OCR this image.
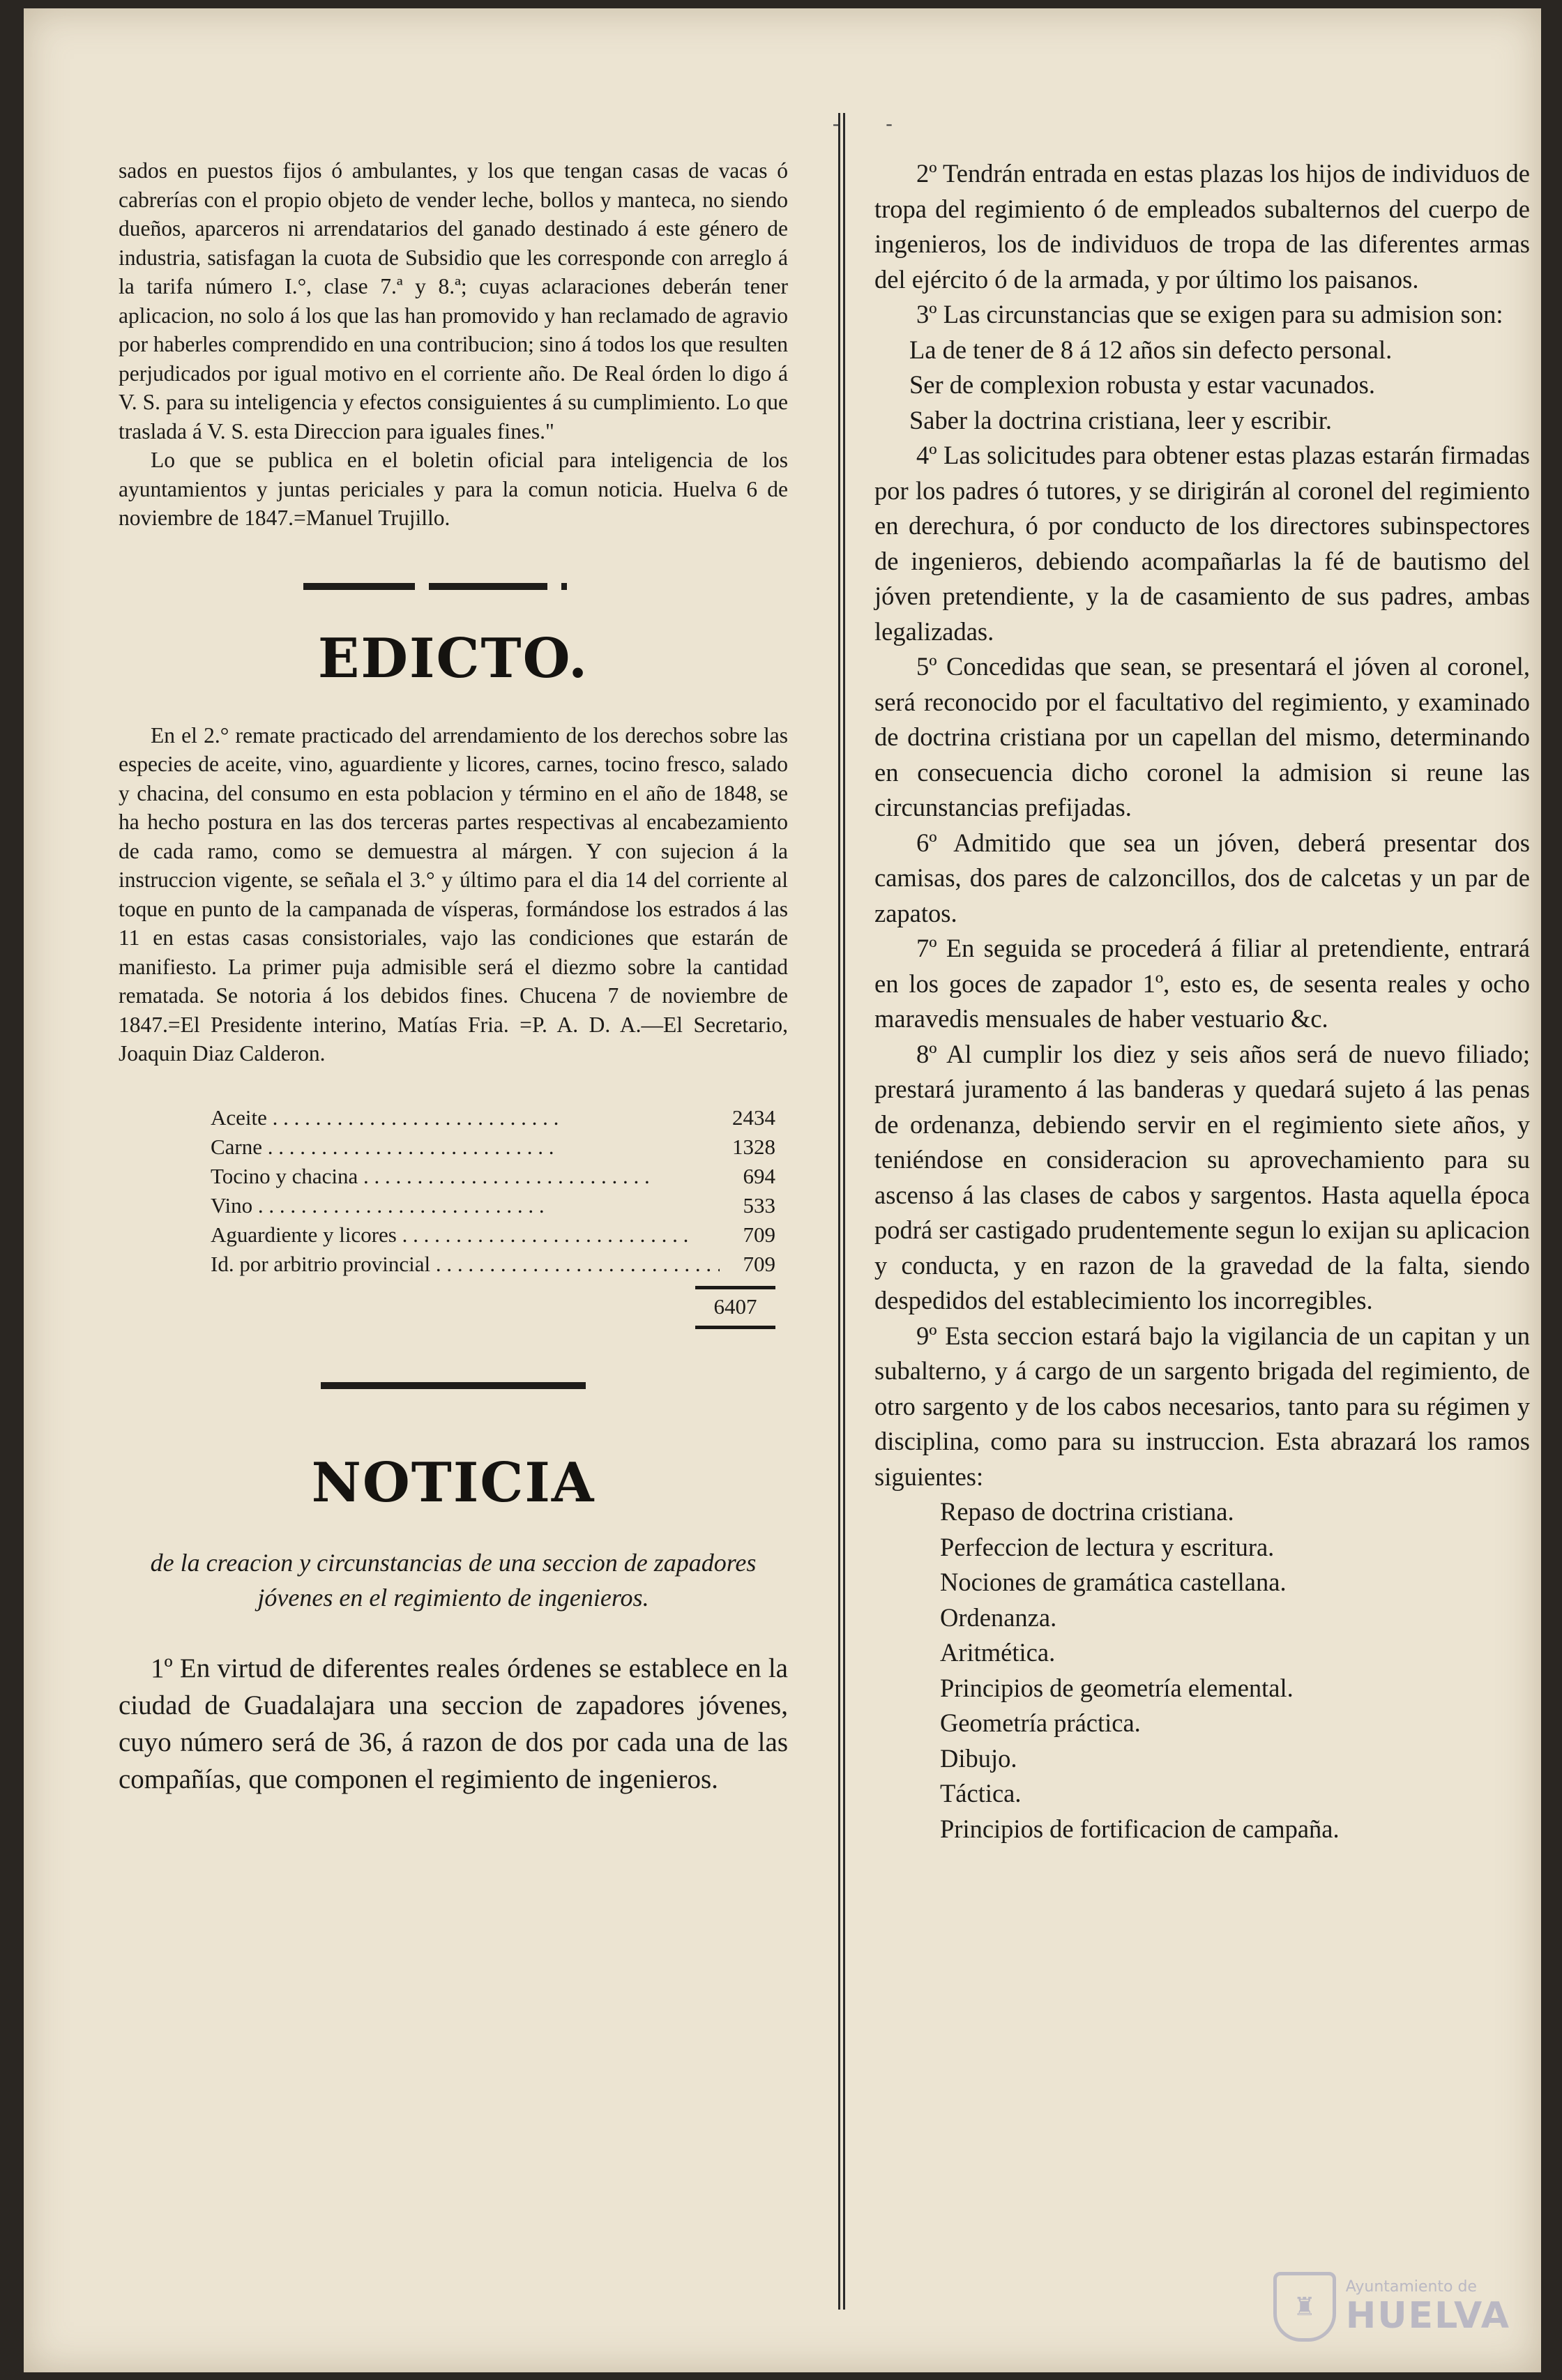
- -

sados en puestos fijos ó ambulantes, y los que tengan casas de vacas ó cabrerías con el propio objeto de vender leche, bollos y manteca, no siendo dueños, aparceros ni arrendatarios del ganado destinado á este género de industria, satisfagan la cuota de Subsidio que les corresponde con arreglo á la tarifa número I.°, clase 7.ª y 8.ª; cuyas aclaraciones deberán tener aplicacion, no solo á los que las han promovido y han reclamado de agravio por haberles comprendido en una contribucion; sino á todos los que resulten perjudicados por igual motivo en el corriente año. De Real órden lo digo á V. S. para su inteligencia y efectos consiguientes á su cumplimiento. Lo que traslada á V. S. esta Direccion para iguales fines."

Lo que se publica en el boletin oficial para inteligencia de los ayuntamientos y juntas periciales y para la comun noticia. Huelva 6 de noviembre de 1847.=Manuel Trujillo.

EDICTO.

En el 2.° remate practicado del arrendamiento de los derechos sobre las especies de aceite, vino, aguardiente y licores, carnes, tocino fresco, salado y chacina, del consumo en esta poblacion y término en el año de 1848, se ha hecho postura en las dos terceras partes respectivas al encabezamiento de cada ramo, como se demuestra al márgen. Y con sujecion á la instruccion vigente, se señala el 3.° y último para el dia 14 del corriente al toque en punto de la campanada de vísperas, formándose los estrados á las 11 en estas casas consistoriales, vajo las condiciones que estarán de manifiesto. La primer puja admisible será el diezmo sobre la cantidad rematada. Se notoria á los debidos fines. Chucena 7 de noviembre de 1847.=El Presidente interino, Matías Fria. =P. A. D. A.—El Secretario, Joaquin Diaz Calderon.

Aceite . . .	2434
Carne . . .	1328
Tocino y chacina . . .	694
Vino . . .	533
Aguardiente y licores . . .	709
Id. por arbitrio provincial . . .	709
6407
NOTICIA
de la creacion y circunstancias de una seccion de zapadores jóvenes en el regimiento de ingenieros.

1º En virtud de diferentes reales órdenes se establece en la ciudad de Guadalajara una seccion de zapadores jóvenes, cuyo número será de 36, á razon de dos por cada una de las compañías, que componen el regimiento de ingenieros.

2º Tendrán entrada en estas plazas los hijos de individuos de tropa del regimiento ó de empleados subalternos del cuerpo de ingenieros, los de individuos de tropa de las diferentes armas del ejército ó de la armada, y por último los paisanos.

3º Las circunstancias que se exigen para su admision son:

La de tener de 8 á 12 años sin defecto personal.

Ser de complexion robusta y estar vacunados.

Saber la doctrina cristiana, leer y escribir.

4º Las solicitudes para obtener estas plazas estarán firmadas por los padres ó tutores, y se dirigirán al coronel del regimiento en derechura, ó por conducto de los directores subinspectores de ingenieros, debiendo acompañarlas la fé de bautismo del jóven pretendiente, y la de casamiento de sus padres, ambas legalizadas.

5º Concedidas que sean, se presentará el jóven al coronel, será reconocido por el facultativo del regimiento, y examinado de doctrina cristiana por un capellan del mismo, determinando en consecuencia dicho coronel la admision si reune las circunstancias prefijadas.

6º Admitido que sea un jóven, deberá presentar dos camisas, dos pares de calzoncillos, dos de calcetas y un par de zapatos.

7º En seguida se procederá á filiar al pretendiente, entrará en los goces de zapador 1º, esto es, de sesenta reales y ocho maravedis mensuales de haber vestuario &c.

8º Al cumplir los diez y seis años será de nuevo filiado; prestará juramento á las banderas y quedará sujeto á las penas de ordenanza, debiendo servir en el regimiento siete años, y teniéndose en consideracion su aprovechamiento para su ascenso á las clases de cabos y sargentos. Hasta aquella época podrá ser castigado prudentemente segun lo exijan su aplicacion y conducta, y en razon de la gravedad de la falta, siendo despedidos del establecimiento los incorregibles.

9º Esta seccion estará bajo la vigilancia de un capitan y un subalterno, y á cargo de un sargento brigada del regimiento, de otro sargento y de los cabos necesarios, tanto para su régimen y disciplina, como para su instruccion. Esta abrazará los ramos siguientes:

Repaso de doctrina cristiana.
Perfeccion de lectura y escritura.
Nociones de gramática castellana.
Ordenanza.
Aritmética.
Principios de geometría elemental.
Geometría práctica.
Dibujo.
Táctica.
Principios de fortificacion de campaña.
♜
Ayuntamiento de
HUELVA
